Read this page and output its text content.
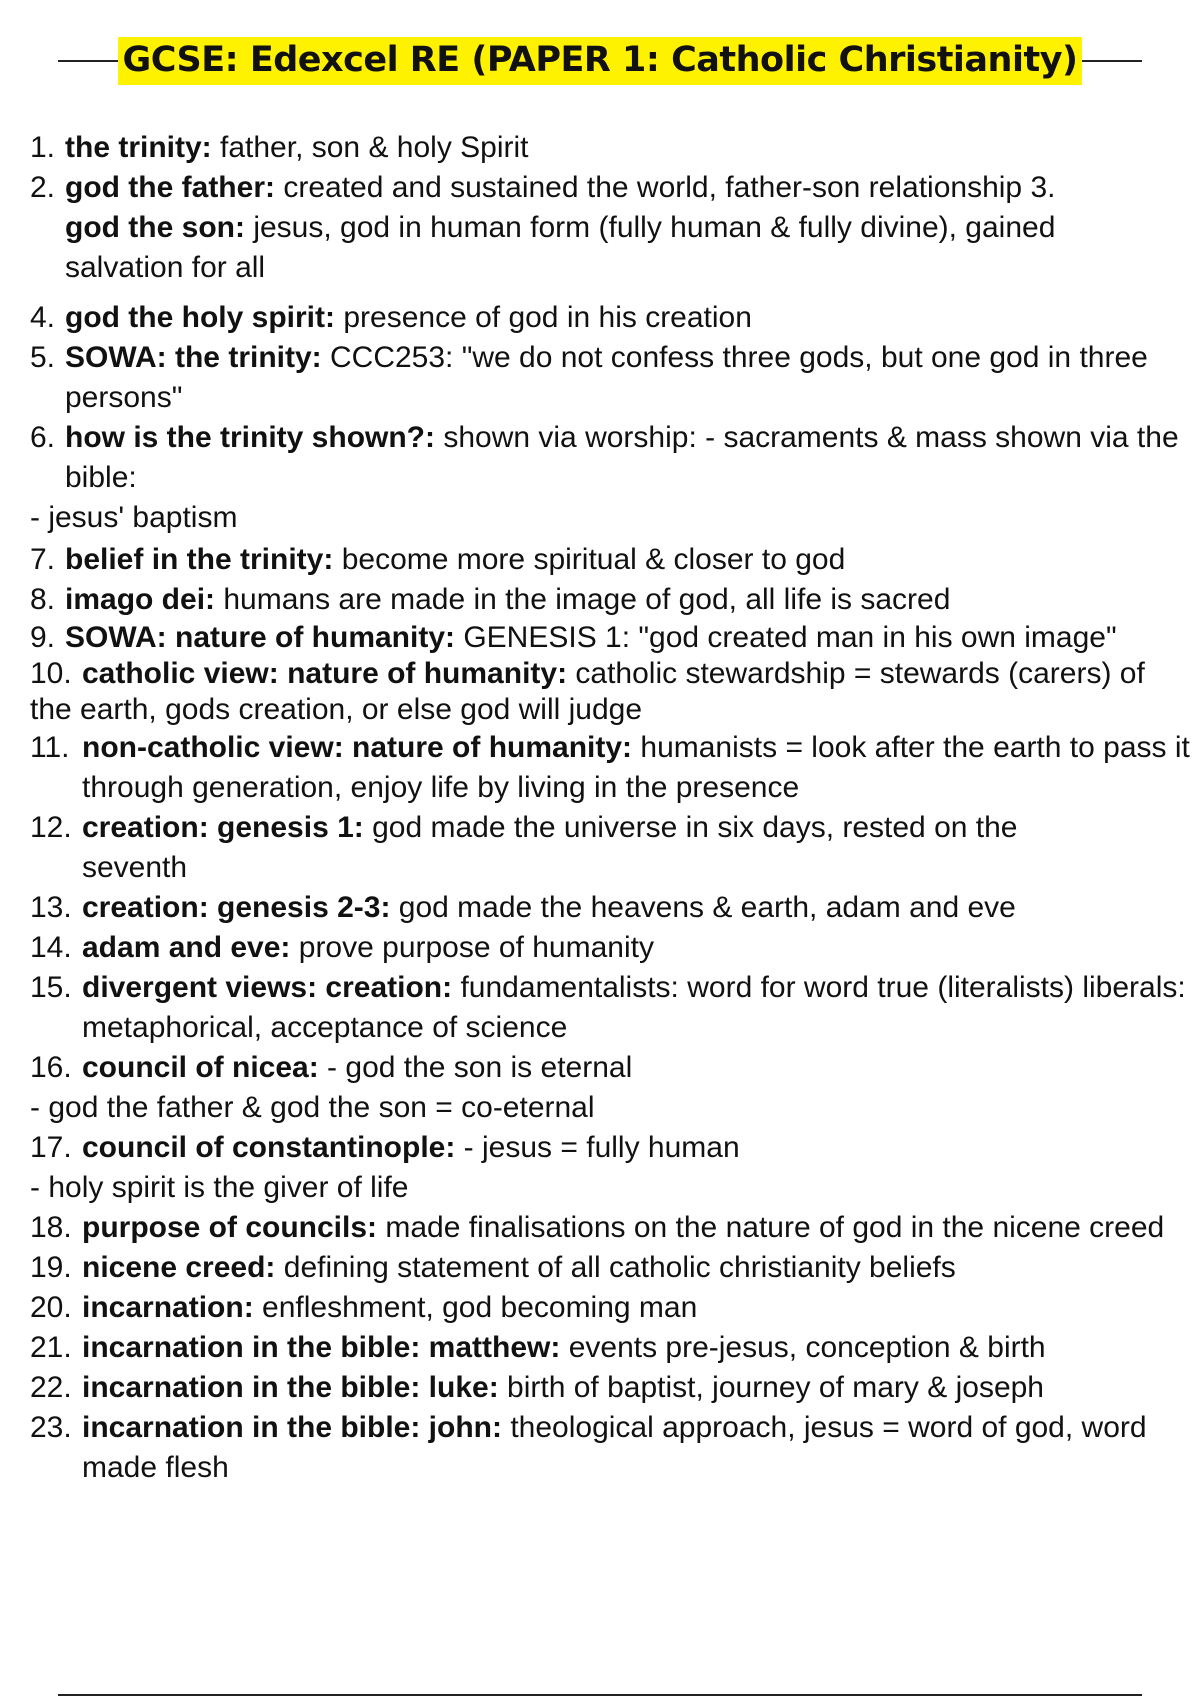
GCSE: Edexcel RE (PAPER 1: Catholic Christianity)
1. the trinity: father, son & holy Spirit
2. god the father: created and sustained the world, father-son relationship 3.
god the son: jesus, god in human form (fully human & fully divine), gained salvation for all
4. god the holy spirit: presence of god in his creation
5. SOWA: the trinity: CCC253: "we do not confess three gods, but one god in three persons"
6. how is the trinity shown?: shown via worship: - sacraments & mass shown via the bible:
- jesus' baptism
7. belief in the trinity: become more spiritual & closer to god
8. imago dei: humans are made in the image of god, all life is sacred
9. SOWA: nature of humanity: GENESIS 1: "god created man in his own image"
10. catholic view: nature of humanity: catholic stewardship = stewards (carers) of the earth, gods creation, or else god will judge
11. non-catholic view: nature of humanity: humanists = look after the earth to pass it through generation, enjoy life by living in the presence
12. creation: genesis 1: god made the universe in six days, rested on the seventh
13. creation: genesis 2-3: god made the heavens & earth, adam and eve
14. adam and eve: prove purpose of humanity
15. divergent views: creation: fundamentalists: word for word true (literalists) liberals: metaphorical, acceptance of science
16. council of nicea: - god the son is eternal
- god the father & god the son = co-eternal
17. council of constantinople: - jesus = fully human
- holy spirit is the giver of life
18. purpose of councils: made finalisations on the nature of god in the nicene creed
19. nicene creed: defining statement of all catholic christianity beliefs
20. incarnation: enfleshment, god becoming man
21. incarnation in the bible: matthew: events pre-jesus, conception & birth
22. incarnation in the bible: luke: birth of baptist, journey of mary & joseph
23. incarnation in the bible: john: theological approach, jesus = word of god, word made flesh
